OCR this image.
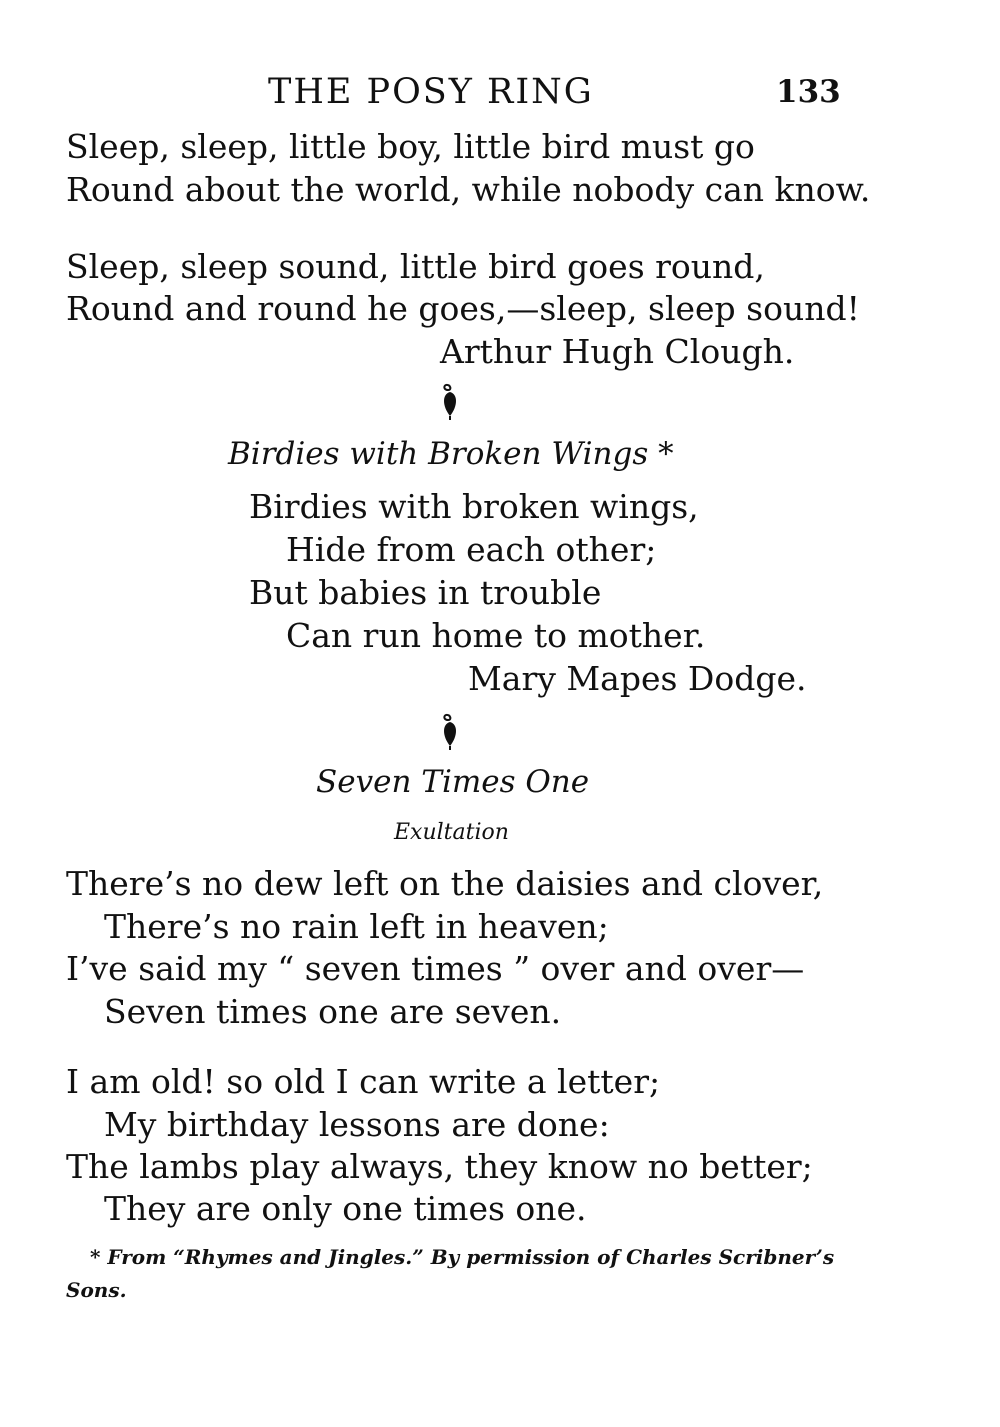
THE POSY RING	133
Sleep, sleep, little boy, little bird must go
Round about the world, while nobody can know.
Sleep, sleep sound, little bird goes round,
Round and round he goes,—sleep, sleep sound!
Arthur Hugh Clough.
Birdies with Broken Wings *
Birdies with broken wings,
Hide from each other;
But babies in trouble
Can run home to mother.
Mary Mapes Dodge.
Seven Times One
Exultation
There’s no dew left on the daisies and clover,
There’s no rain left in heaven;
I’ve said my “ seven times ” over and over—
Seven times one are seven.
I am old! so old I can write a letter;
My birthday lessons are done:
The lambs play always, they know no better;
They are only one times one.
* From “Rhymes and Jingles.” By permission of Charles Scribner’s
Sons.
